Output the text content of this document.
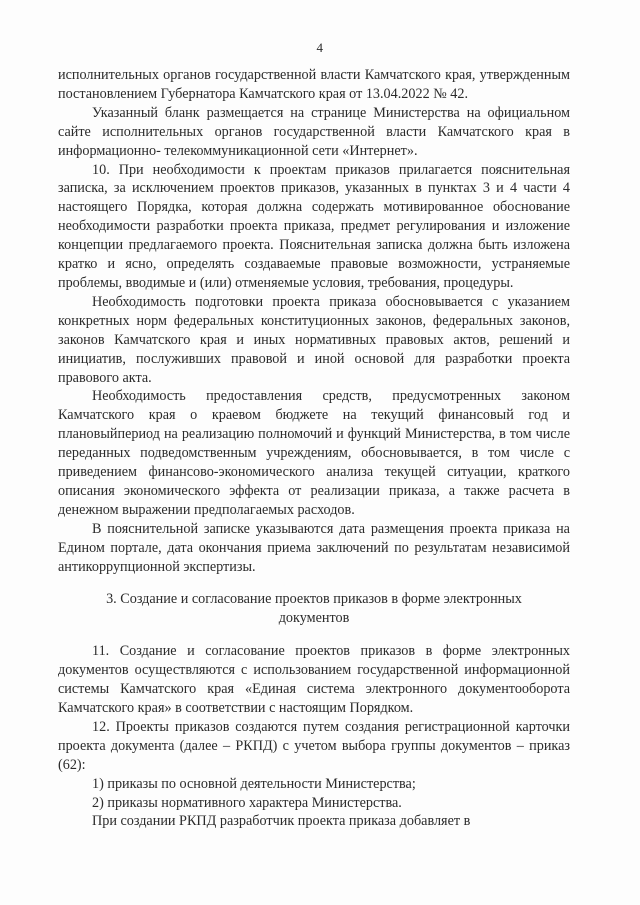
4

исполнительных органов государственной власти Камчатского края, утвержденным постановлением Губернатора Камчатского края от 13.04.2022 № 42.

Указанный бланк размещается на странице Министерства на официальном сайте исполнительных органов государственной власти Камчатского края в информационно- телекоммуникационной сети «Интернет».

10. При необходимости к проектам приказов прилагается пояснительная записка, за исключением проектов приказов, указанных в пунктах 3 и 4 части 4 настоящего Порядка, которая должна содержать мотивированное обоснование необходимости разработки проекта приказа, предмет регулирования и изложение концепции предлагаемого проекта. Пояснительная записка должна быть изложена кратко и ясно, определять создаваемые правовые возможности, устраняемые проблемы, вводимые и (или) отменяемые условия, требования, процедуры.

Необходимость подготовки проекта приказа обосновывается с указанием конкретных норм федеральных конституционных законов, федеральных законов, законов Камчатского края и иных нормативных правовых актов, решений и инициатив, послуживших правовой и иной основой для разработки проекта правового акта.

Необходимость предоставления средств, предусмотренных законом Камчатского края о краевом бюджете на текущий финансовый год и плановыйпериод на реализацию полномочий и функций Министерства, в том числе переданных подведомственным учреждениям, обосновывается, в том числе с приведением финансово-экономического анализа текущей ситуации, краткого описания экономического эффекта от реализации приказа, а также расчета в денежном выражении предполагаемых расходов.

В пояснительной записке указываются дата размещения проекта приказа на Едином портале, дата окончания приема заключений по результатам независимой антикоррупционной экспертизы.

3. Создание и согласование проектов приказов в форме электронных документов

11. Создание и согласование проектов приказов в форме электронных документов осуществляются с использованием государственной информационной системы Камчатского края «Единая система электронного документооборота Камчатского края» в соответствии с настоящим Порядком.

12. Проекты приказов создаются путем создания регистрационной карточки проекта документа (далее – РКПД) с учетом выбора группы документов – приказ (62):

1) приказы по основной деятельности Министерства;

2) приказы нормативного характера Министерства.

При создании РКПД разработчик проекта приказа добавляет в
